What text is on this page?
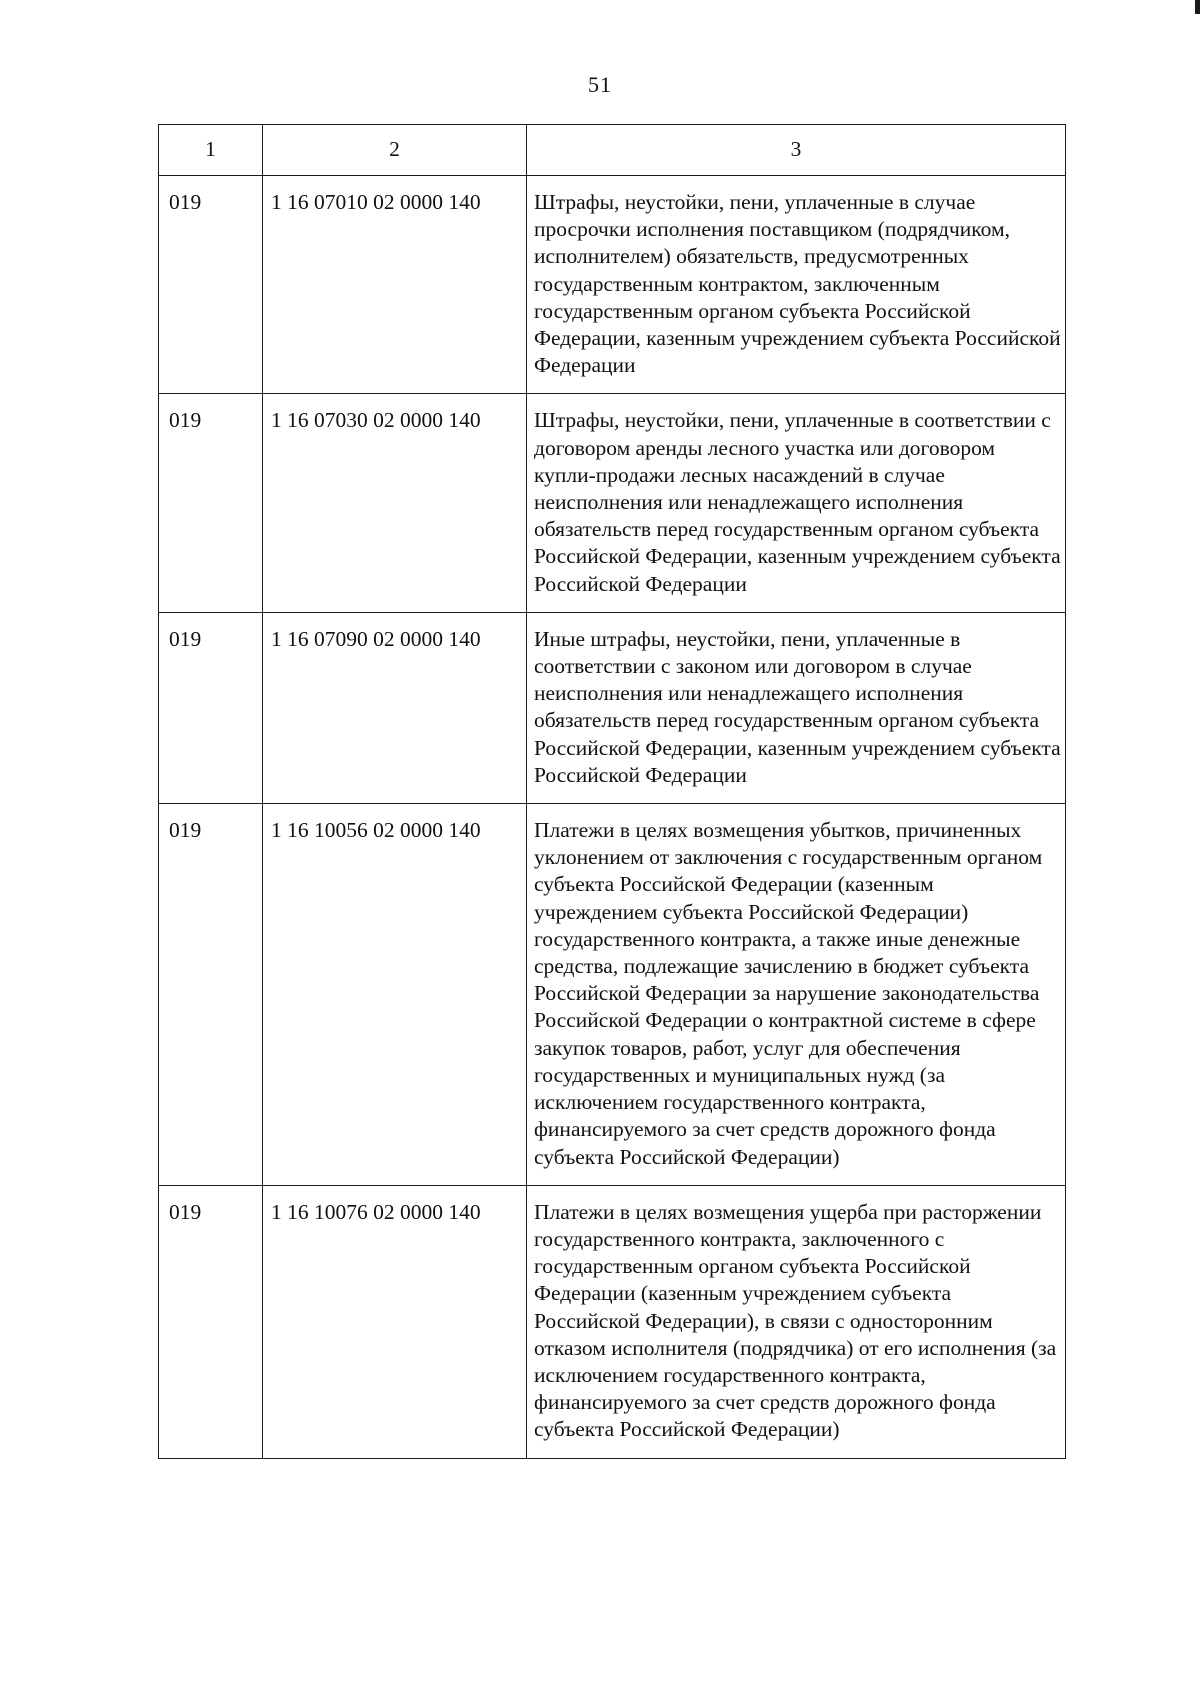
51
1	2	3
019	1 16 07010 02 0000 140	Штрафы, неустойки, пени, уплаченные в случае просрочки исполнения поставщиком (подрядчиком, исполнителем) обязательств, предусмотренных государственным контрактом, заключенным государственным органом субъекта Российской Федерации, казенным учреждением субъекта Российской Федерации
019	1 16 07030 02 0000 140	Штрафы, неустойки, пени, уплаченные в соответствии с договором аренды лесного участка или договором купли-продажи лесных насаждений в случае неисполнения или ненадлежащего исполнения обязательств перед государственным органом субъекта Российской Федерации, казенным учреждением субъекта Российской Федерации
019	1 16 07090 02 0000 140	Иные штрафы, неустойки, пени, уплаченные в соответствии с законом или договором в случае неисполнения или ненадлежащего исполнения обязательств перед государственным органом субъекта Российской Федерации, казенным учреждением субъекта Российской Федерации
019	1 16 10056 02 0000 140	Платежи в целях возмещения убытков, причиненных уклонением от заключения с государственным органом субъекта Российской Федерации (казенным учреждением субъекта Российской Федерации) государственного контракта, а также иные денежные средства, подлежащие зачислению в бюджет субъекта Российской Федерации за нарушение законодательства Российской Федерации о контрактной системе в сфере закупок товаров, работ, услуг для обеспечения государственных и муниципальных нужд (за исключением государственного контракта, финансируемого за счет средств дорожного фонда субъекта Российской Федерации)
019	1 16 10076 02 0000 140	Платежи в целях возмещения ущерба при расторжении государственного контракта, заключенного с государственным органом субъекта Российской Федерации (казенным учреждением субъекта Российской Федерации), в связи с односторонним отказом исполнителя (подрядчика) от его исполнения (за исключением государственного контракта, финансируемого за счет средств дорожного фонда субъекта Российской Федерации)
